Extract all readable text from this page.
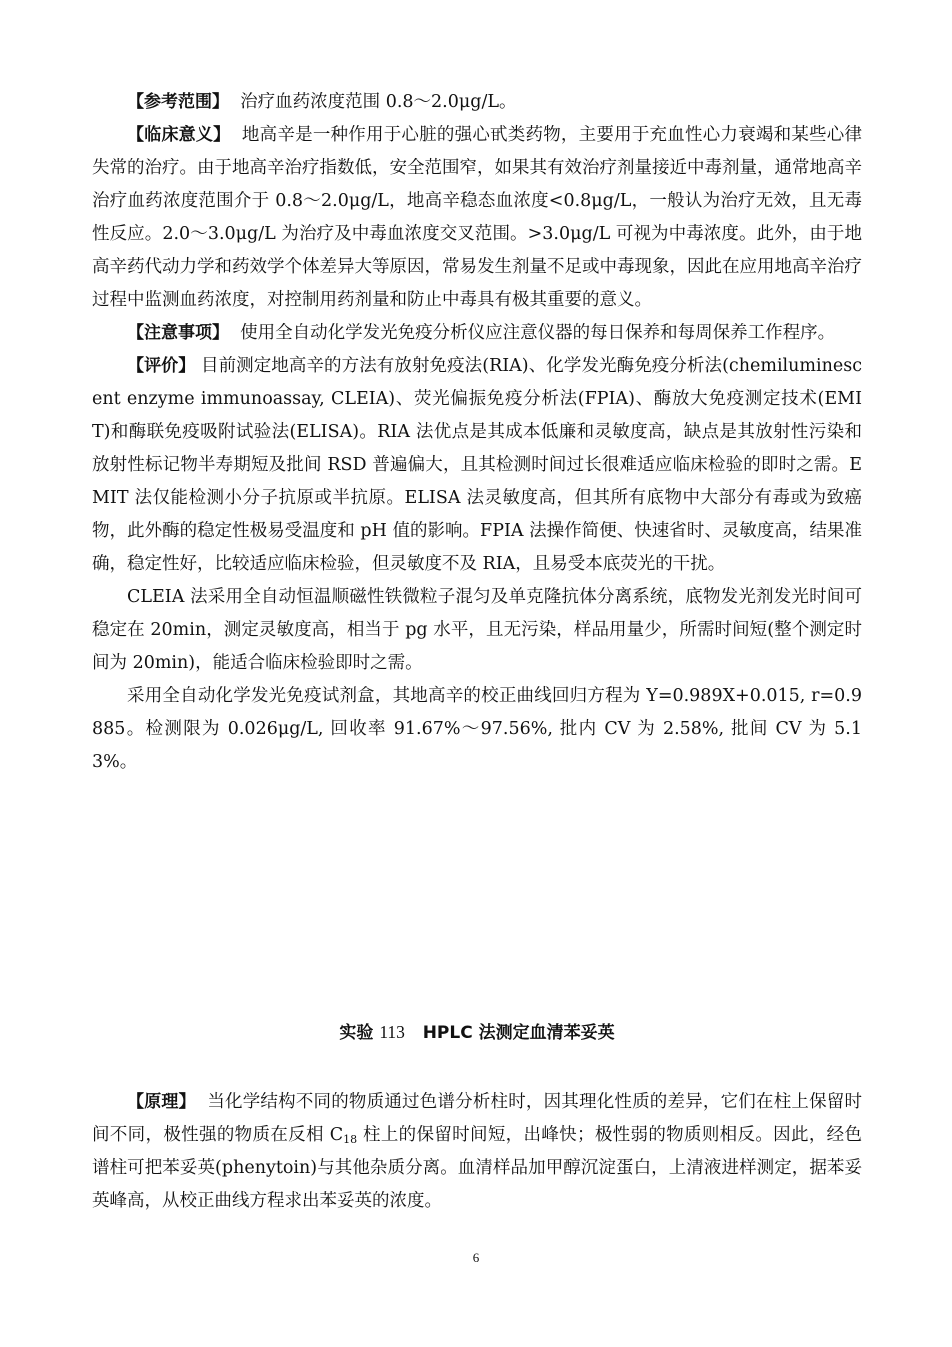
【参考范围】 治疗血药浓度范围 0.8～2.0μg/L。

【临床意义】 地高辛是一种作用于心脏的强心甙类药物，主要用于充血性心力衰竭和某些心律失常的治疗。由于地高辛治疗指数低，安全范围窄，如果其有效治疗剂量接近中毒剂量，通常地高辛治疗血药浓度范围介于 0.8～2.0μg/L，地高辛稳态血浓度<0.8μg/L，一般认为治疗无效，且无毒性反应。2.0～3.0μg/L 为治疗及中毒血浓度交叉范围。>3.0μg/L 可视为中毒浓度。此外，由于地高辛药代动力学和药效学个体差异大等原因，常易发生剂量不足或中毒现象，因此在应用地高辛治疗过程中监测血药浓度，对控制用药剂量和防止中毒具有极其重要的意义。

【注意事项】 使用全自动化学发光免疫分析仪应注意仪器的每日保养和每周保养工作程序。

【评价】 目前测定地高辛的方法有放射免疫法(RIA)、化学发光酶免疫分析法(chemiluminescent enzyme immunoassay, CLEIA)、荧光偏振免疫分析法(FPIA)、酶放大免疫测定技术(EMIT)和酶联免疫吸附试验法(ELISA)。RIA 法优点是其成本低廉和灵敏度高，缺点是其放射性污染和放射性标记物半寿期短及批间 RSD 普遍偏大，且其检测时间过长很难适应临床检验的即时之需。EMIT 法仅能检测小分子抗原或半抗原。ELISA 法灵敏度高，但其所有底物中大部分有毒或为致癌物，此外酶的稳定性极易受温度和 pH 值的影响。FPIA 法操作简便、快速省时、灵敏度高，结果准确，稳定性好，比较适应临床检验，但灵敏度不及 RIA，且易受本底荧光的干扰。

CLEIA 法采用全自动恒温顺磁性铁微粒子混匀及单克隆抗体分离系统，底物发光剂发光时间可稳定在 20min，测定灵敏度高，相当于 pg 水平，且无污染，样品用量少，所需时间短(整个测定时间为 20min)，能适合临床检验即时之需。

采用全自动化学发光免疫试剂盒，其地高辛的校正曲线回归方程为 Y=0.989X+0.015, r=0.9885。检测限为 0.026μg/L, 回收率 91.67%～97.56%, 批内 CV 为 2.58%, 批间 CV 为 5.13%。

实验 113 HPLC 法测定血清苯妥英

【原理】 当化学结构不同的物质通过色谱分析柱时，因其理化性质的差异，它们在柱上保留时间不同，极性强的物质在反相 $C_{18}$ 柱上的保留时间短，出峰快；极性弱的物质则相反。因此，经色谱柱可把苯妥英(phenytoin)与其他杂质分离。血清样品加甲醇沉淀蛋白，上清液进样测定，据苯妥英峰高，从校正曲线方程求出苯妥英的浓度。

6
